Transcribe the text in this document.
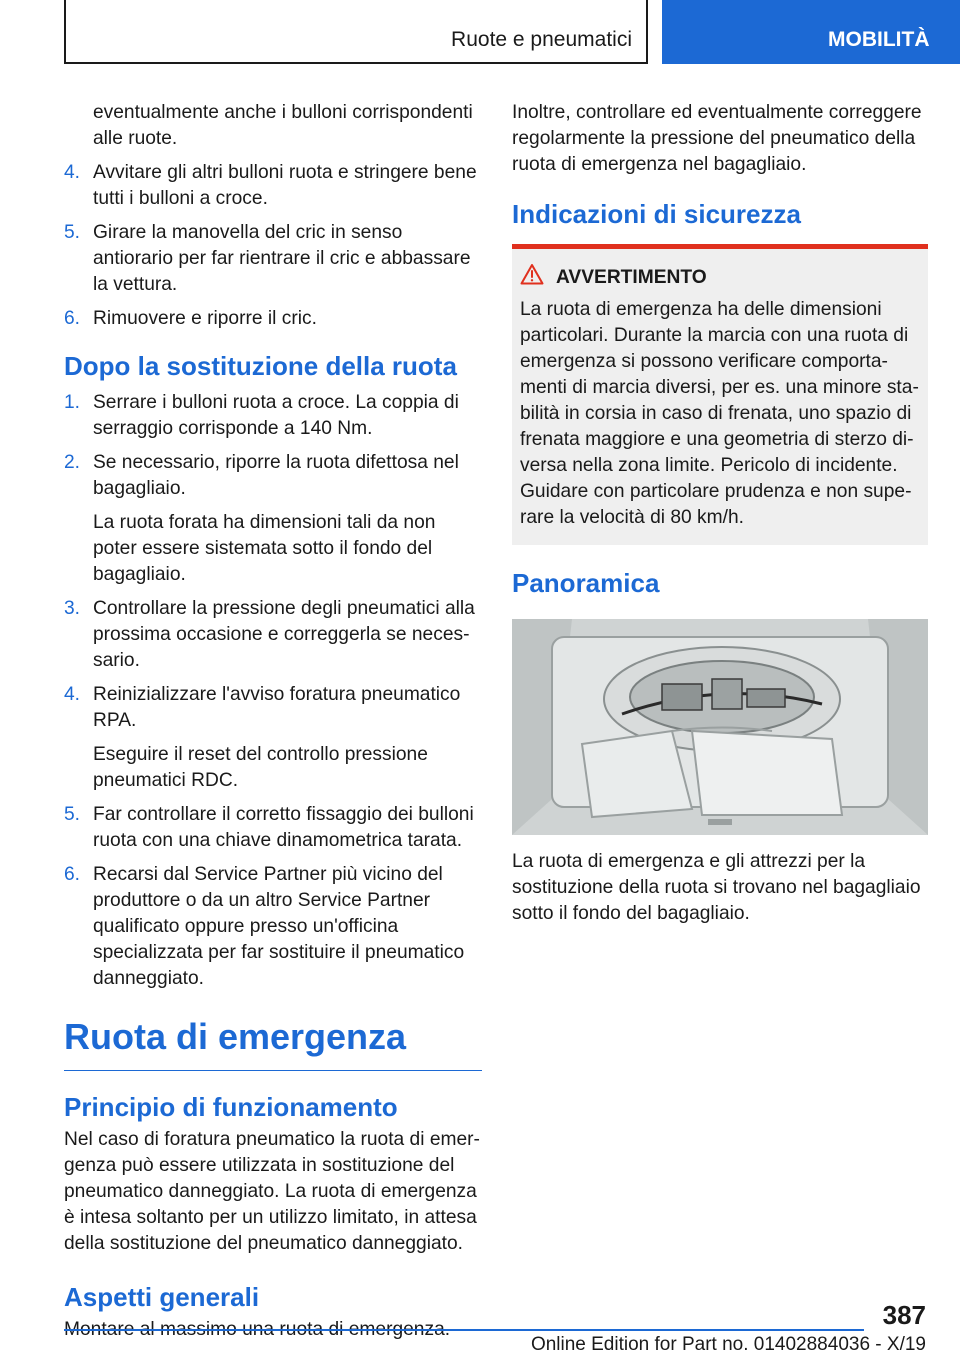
Ruote e pneumatici	MOBILITÀ

eventualmente anche i bulloni corrispondenti alle ruote.

4. Avvitare gli altri bulloni ruota e stringere bene tutti i bulloni a croce.
5. Girare la manovella del cric in senso antiorario per far rientrare il cric e abbassare la vettura.
6. Rimuovere e riporre il cric.
Dopo la sostituzione della ruota
1. Serrare i bulloni ruota a croce. La coppia di serraggio corrisponde a 140 Nm.
2. Se necessario, riporre la ruota difettosa nel bagagliaio.

La ruota forata ha dimensioni tali da non poter essere sistemata sotto il fondo del bagagliaio.

3. Controllare la pressione degli pneumatici alla prossima occasione e correggerla se necessario.
4. Reinizializzare l'avviso foratura pneumatico RPA.

Eseguire il reset del controllo pressione pneumatici RDC.

5. Far controllare il corretto fissaggio dei bulloni ruota con una chiave dinamometrica tarata.
6. Recarsi dal Service Partner più vicino del produttore o da un altro Service Partner qualificato oppure presso un'officina specializzata per far sostituire il pneumatico danneggiato.
Ruota di emergenza
Principio di funzionamento

Nel caso di foratura pneumatico la ruota di emergenza può essere utilizzata in sostituzione del pneumatico danneggiato. La ruota di emergenza è intesa soltanto per un utilizzo limitato, in attesa della sostituzione del pneumatico danneggiato.

Aspetti generali

Montare al massimo una ruota di emergenza.

Inoltre, controllare ed eventualmente correggere regolarmente la pressione del pneumatico della ruota di emergenza nel bagagliaio.

Indicazioni di sicurezza
AVVERTIMENTO

La ruota di emergenza ha delle dimensioni particolari. Durante la marcia con una ruota di emergenza si possono verificare comportamenti di marcia diversi, per es. una minore stabilità in corsia in caso di frenata, uno spazio di frenata maggiore e una geometria di sterzo diversa nella zona limite. Pericolo di incidente. Guidare con particolare prudenza e non superare la velocità di 80 km/h.

Panoramica

La ruota di emergenza e gli attrezzi per la sostituzione della ruota si trovano nel bagagliaio sotto il fondo del bagagliaio.

387
Online Edition for Part no. 01402884036 - X/19
